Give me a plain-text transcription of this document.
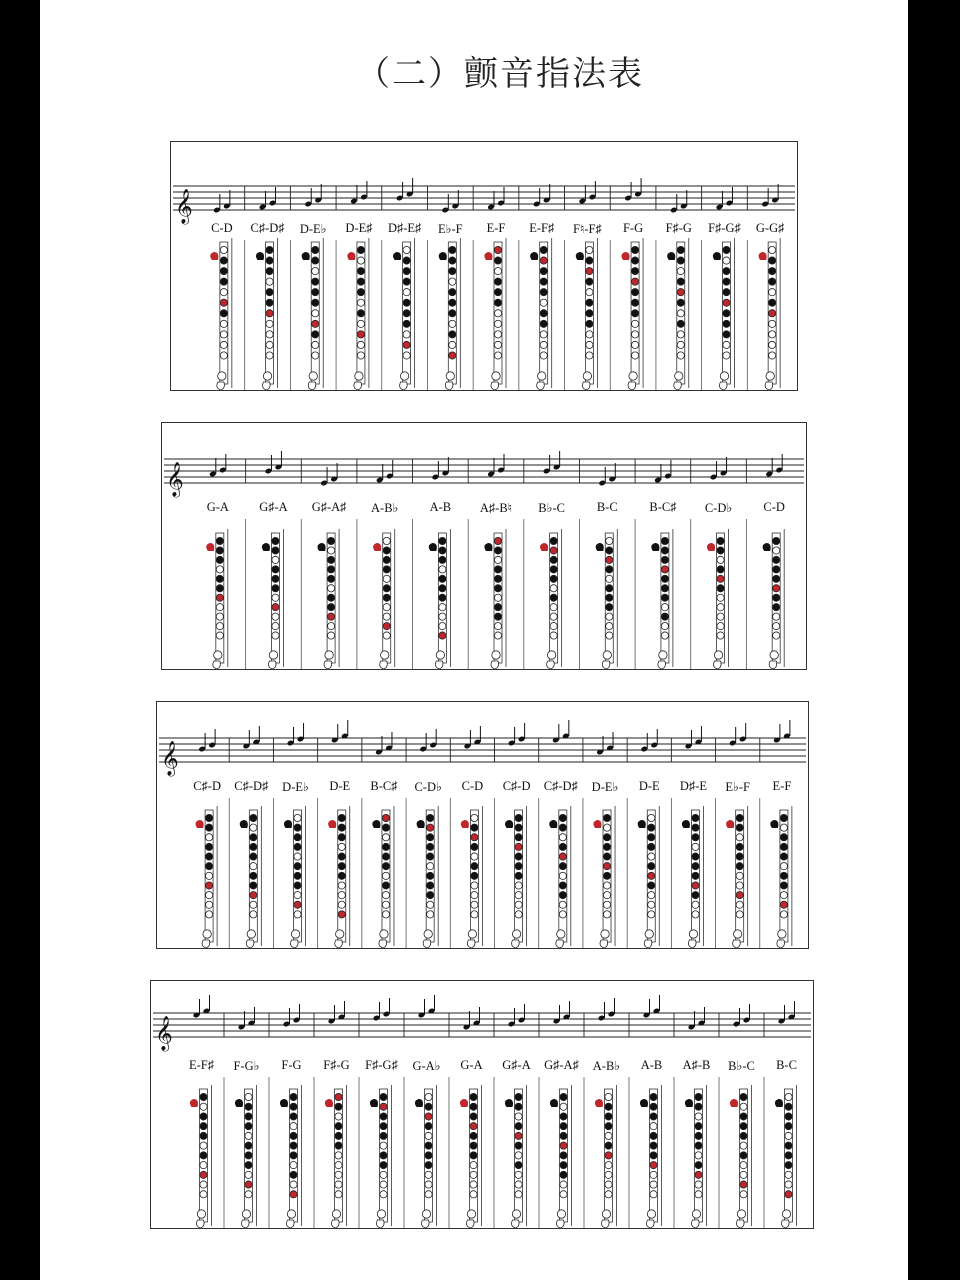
（二）颤音指法表
𝄞
C-D C♯-D♯ D-E♭ D-E♯ D♯-E♯ E♭-F E-F E-F♯ F♮-F♯ F-G F♯-G F♯-G♯ G-G♯
𝄞
G-A G♯-A G♯-A♯ A-B♭ A-B A♯-B♮ B♭-C	B-C	B-C♯ C-D♭ C-D
𝄞
C♯-D C♯-D♯ D-E♭ D-E B-C♯ C-D♭ C-D C♯-D C♯-D♯ D-E♭ D-E D♯-E E♭-F E-F
𝄞
E-F♯ F-G♭ F-G F♯-G F♯-G♯ G-A♭ G-A G♯-A G♯-A♯ A-B♭ A-B A♯-B B♭-C B-C
